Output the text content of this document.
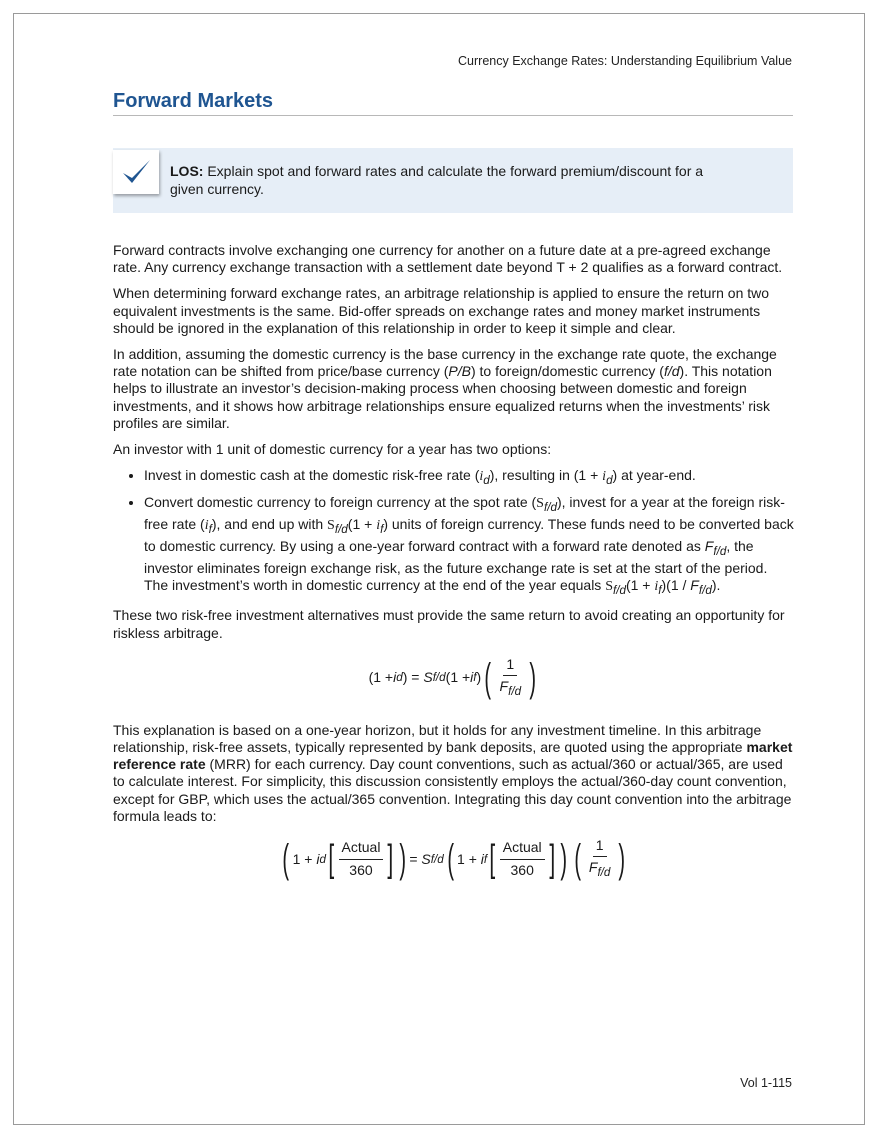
Currency Exchange Rates: Understanding Equilibrium Value
Forward Markets
LOS: Explain spot and forward rates and calculate the forward premium/discount for a given currency.

Forward contracts involve exchanging one currency for another on a future date at a pre-agreed exchange rate. Any currency exchange transaction with a settlement date beyond T + 2 qualifies as a forward contract.

When determining forward exchange rates, an arbitrage relationship is applied to ensure the return on two equivalent investments is the same. Bid-offer spreads on exchange rates and money market instruments should be ignored in the explanation of this relationship in order to keep it simple and clear.

In addition, assuming the domestic currency is the base currency in the exchange rate quote, the exchange rate notation can be shifted from price/base currency (P/B) to foreign/domestic currency (f/d). This notation helps to illustrate an investor’s decision-making process when choosing between domestic and foreign investments, and it shows how arbitrage relationships ensure equalized returns when the investments’ risk profiles are similar.

An investor with 1 unit of domestic currency for a year has two options:

• Invest in domestic cash at the domestic risk-free rate $(i_d)$, resulting in $(1 + i_d)$ at year-end.
• Convert domestic currency to foreign currency at the spot rate $(S_{f/d})$, invest for a year at the foreign risk-free rate $(i_f)$, and end up with $S_{f/d}(1 + i_f)$ units of foreign currency. These funds need to be converted back to domestic currency. By using a one-year forward contract with a forward rate denoted as $F_{f/d}$, the investor eliminates foreign exchange risk, as the future exchange rate is set at the start of the period. The investment’s worth in domestic currency at the end of the year equals $S_{f/d}(1 + i_f)(1 / F_{f/d})$.

These two risk-free investment alternatives must provide the same return to avoid creating an opportunity for riskless arbitrage.

(1 + i d ) =
S f/d (1 + i f ) ( $\frac{1}{F_{f/d}}$ )

This explanation is based on a one-year horizon, but it holds for any investment timeline. In this arbitrage relationship, risk-free assets, typically represented by bank deposits, are quoted using the appropriate market reference rate (MRR) for each currency. Day count conventions, such as actual/360 or actual/365, are used to calculate interest. For simplicity, this discussion consistently employs the actual/360-day count convention, except for GBP, which uses the actual/365 convention. Integrating this day count convention into the arbitrage formula leads to:

( 1 +
i d [ $\frac{\text{Actual}}{360}$ ] ) =
S f/d ( 1 +
i f [ $\frac{\text{Actual}}{360}$ ] ) ( $\frac{1}{F_{f/d}}$ )
Vol 1-115
